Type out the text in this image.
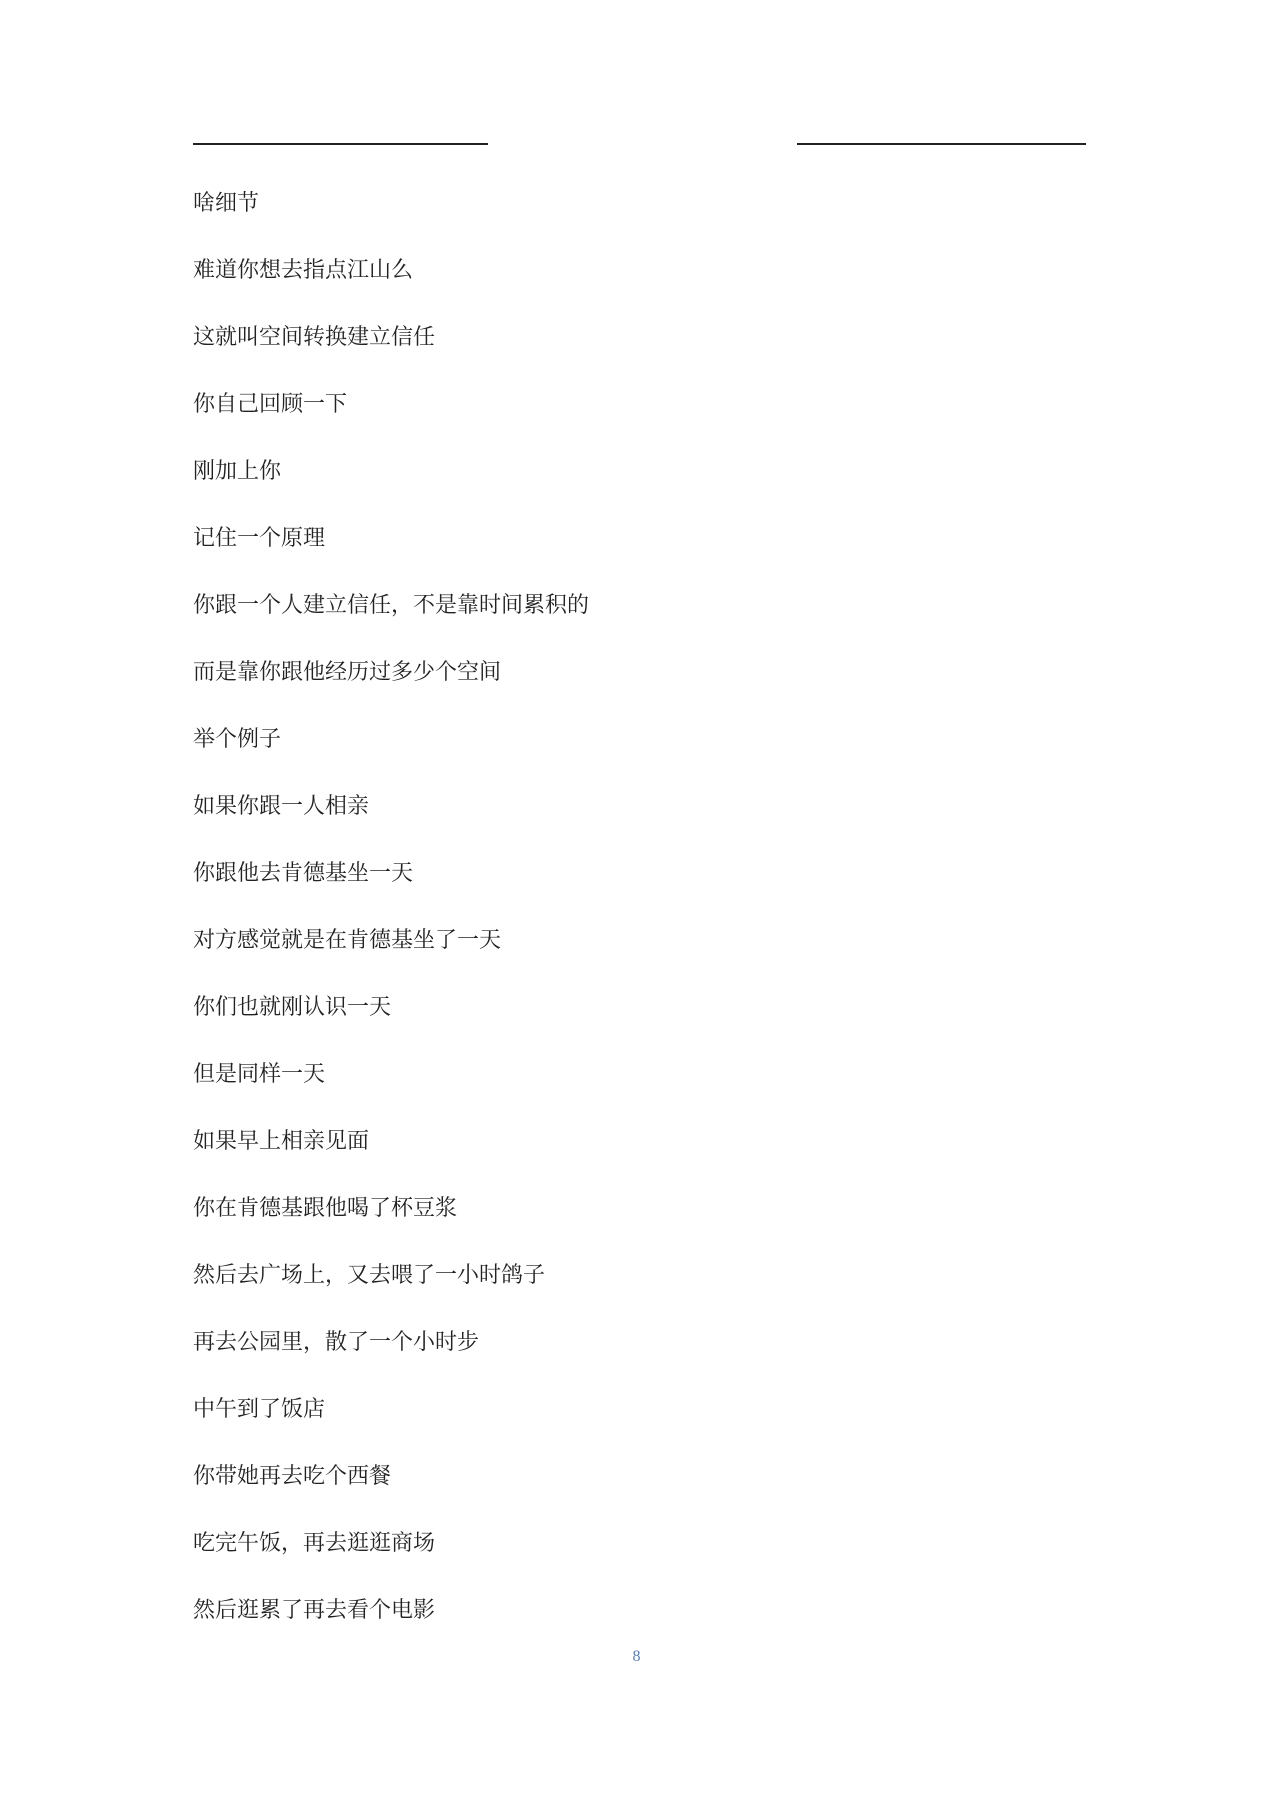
啥细节

难道你想去指点江山么

这就叫空间转换建立信任

你自己回顾一下

刚加上你

记住一个原理

你跟一个人建立信任，不是靠时间累积的

而是靠你跟他经历过多少个空间

举个例子

如果你跟一人相亲

你跟他去肯德基坐一天

对方感觉就是在肯德基坐了一天

你们也就刚认识一天

但是同样一天

如果早上相亲见面

你在肯德基跟他喝了杯豆浆

然后去广场上，又去喂了一小时鸽子

再去公园里，散了一个小时步

中午到了饭店

你带她再去吃个西餐

吃完午饭，再去逛逛商场

然后逛累了再去看个电影

8
